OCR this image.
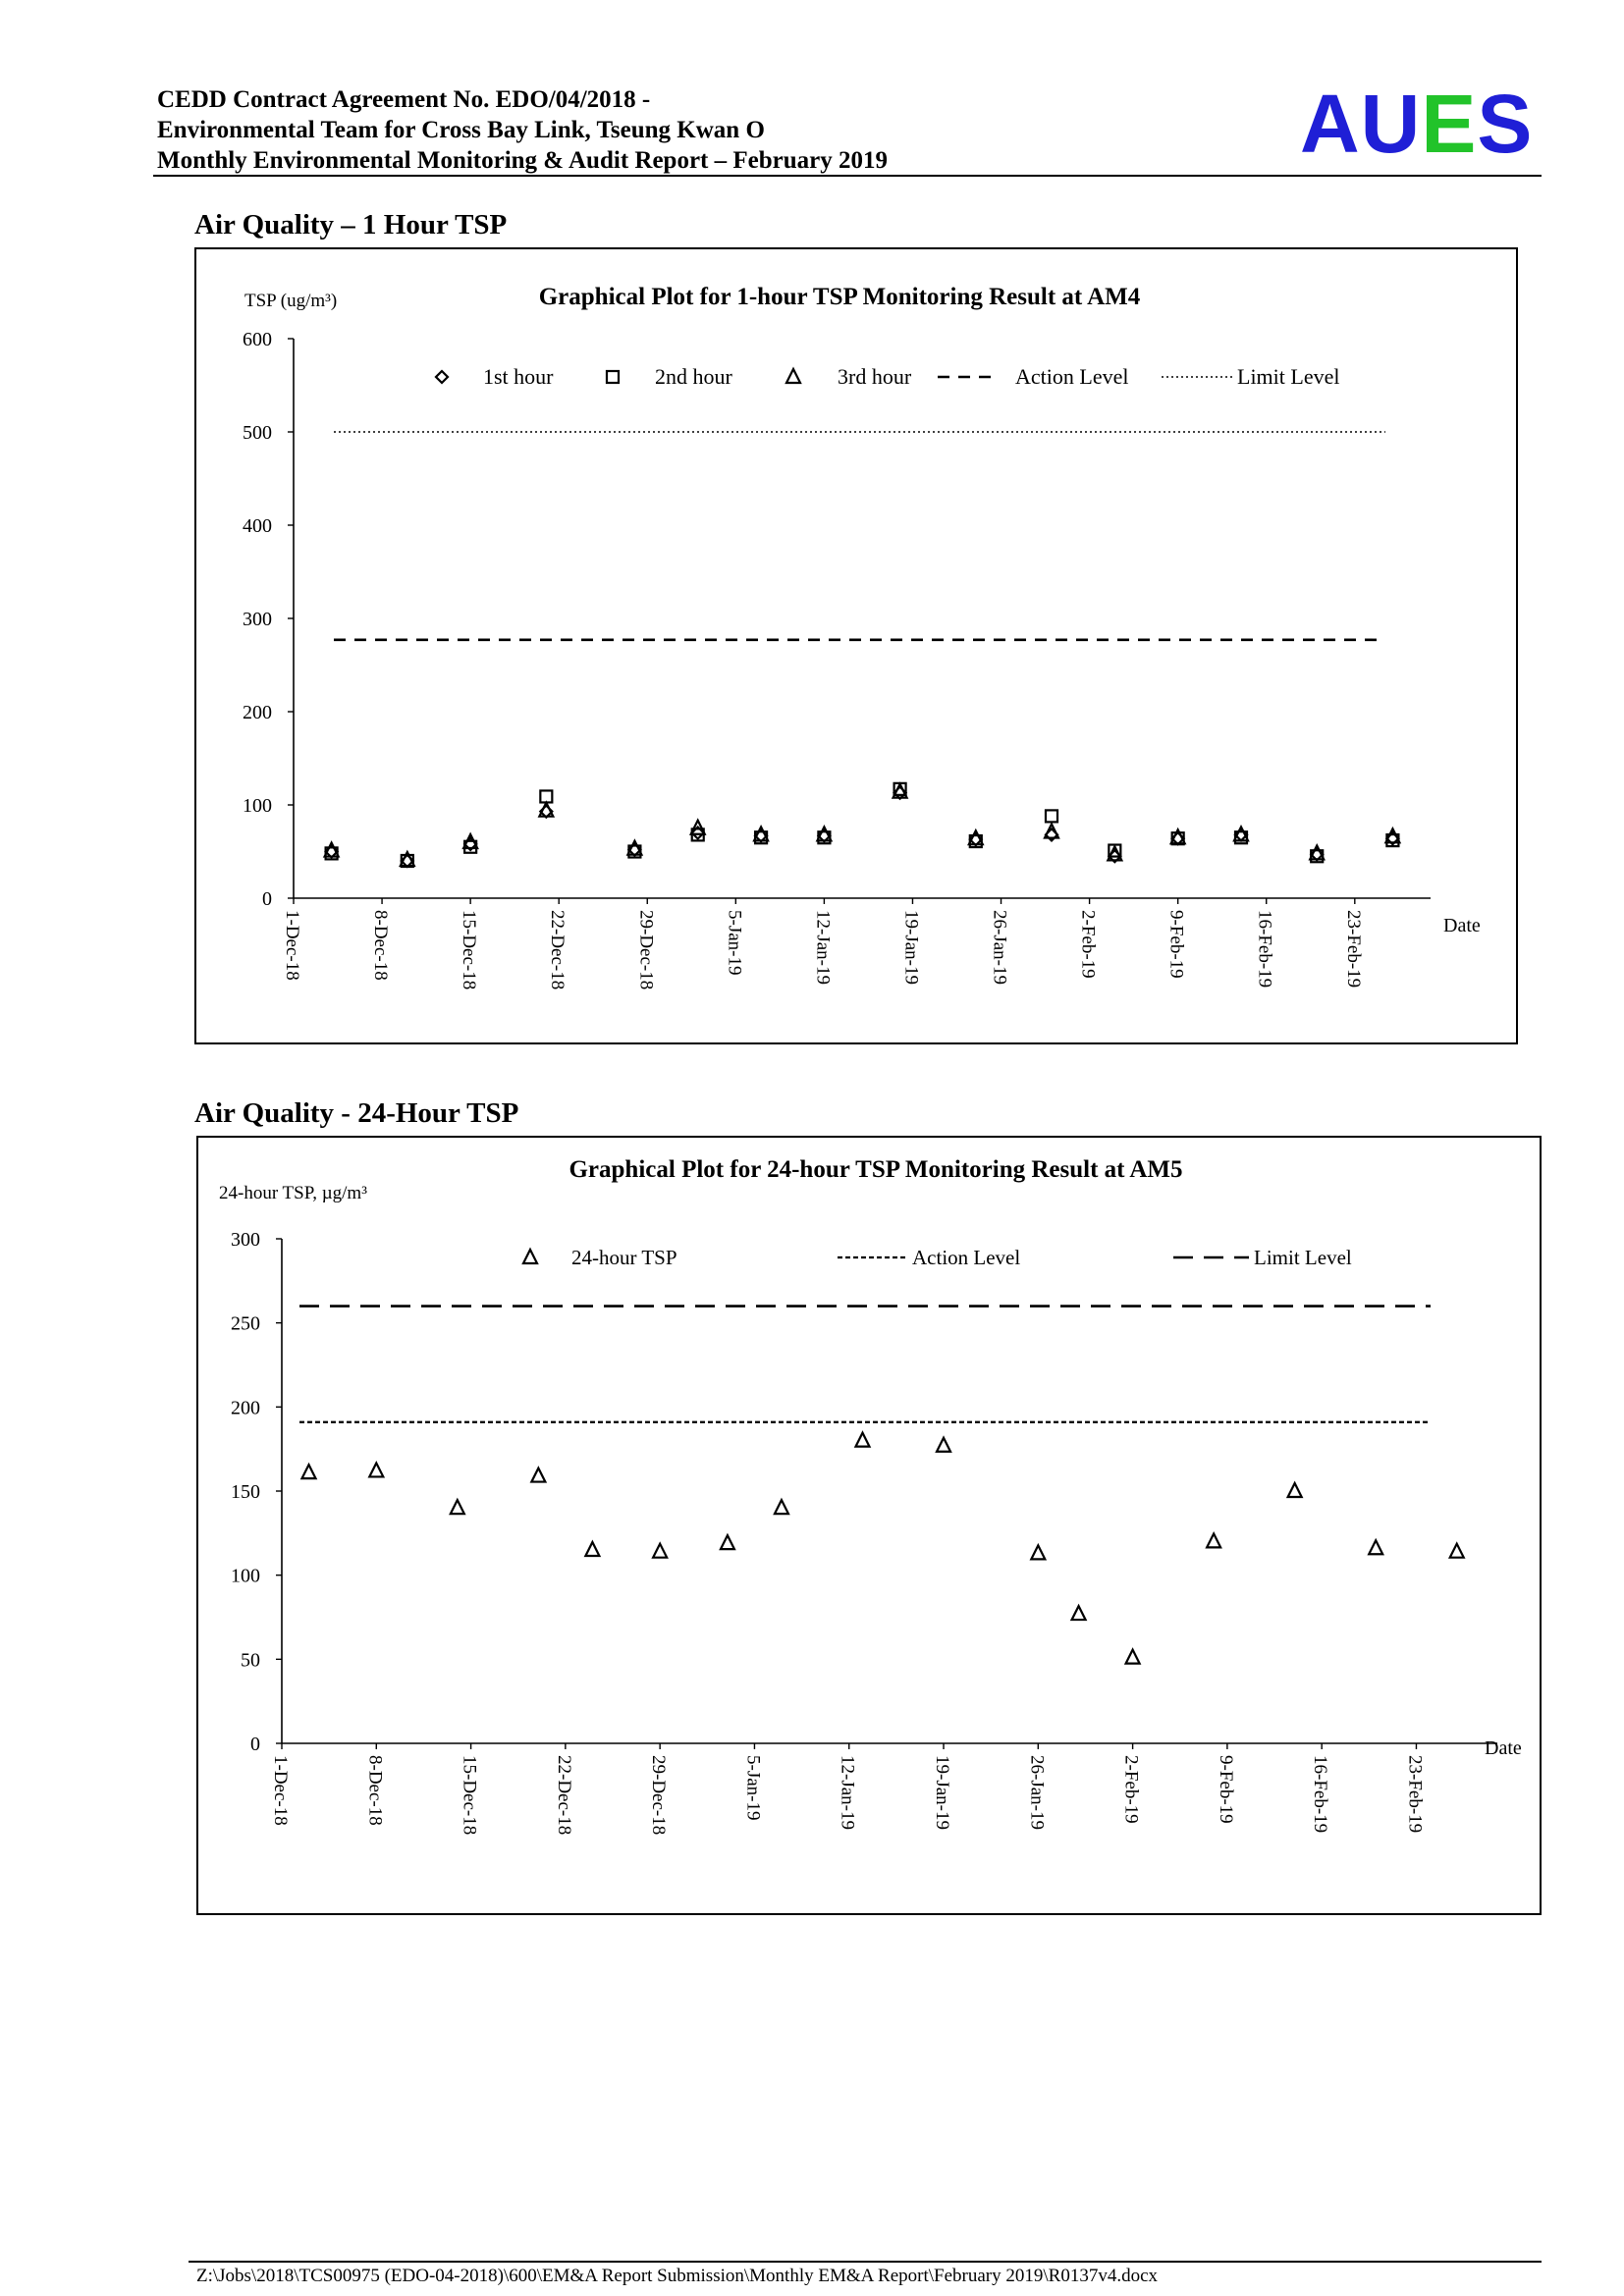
CEDD Contract Agreement No. EDO/04/2018 -
Environmental Team for Cross Bay Link, Tseung Kwan O
Monthly Environmental Monitoring & Audit Report – February 2019	AUES
Air Quality – 1 Hour TSP
Graphical Plot for 1-hour TSP Monitoring Result at AM4
TSP (ug/m³)
Date
0
100
200
300
400
500
600
1-Dec-18	8-Dec-18	15-Dec-18	22-Dec-18	29-Dec-18	5-Jan-19	12-Jan-19	19-Jan-19	26-Jan-19	2-Feb-19	9-Feb-19	16-Feb-19	23-Feb-19
1st hour	2nd hour	3rd hour	Action Level	Limit Level
Air Quality - 24-Hour TSP
Graphical Plot for 24-hour TSP Monitoring Result at AM5
24-hour TSP, µg/m³
Date
0
50
100
150
200
250
300
1-Dec-18	8-Dec-18	15-Dec-18	22-Dec-18	29-Dec-18	5-Jan-19	12-Jan-19	19-Jan-19	26-Jan-19	2-Feb-19	9-Feb-19	16-Feb-19	23-Feb-19
24-hour TSP	Action Level	Limit Level
Z:\Jobs\2018\TCS00975 (EDO-04-2018)\600\EM&A Report Submission\Monthly EM&A Report\February 2019\R0137v4.docx
